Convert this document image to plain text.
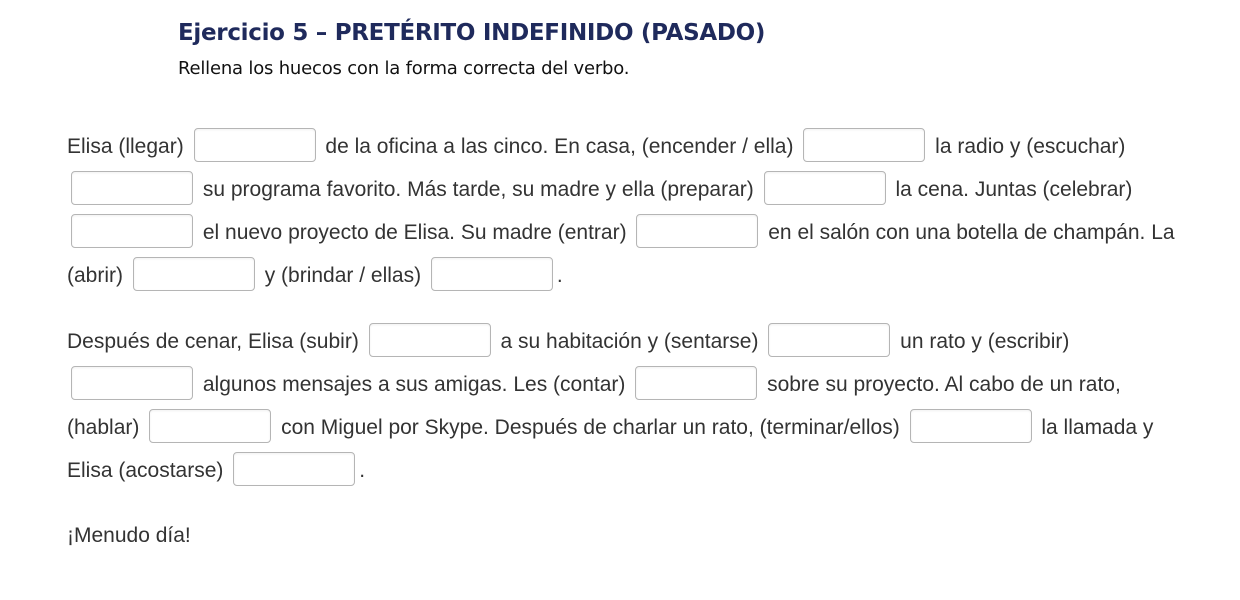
Ejercicio 5 – PRETÉRITO INDEFINIDO (PASADO)
Rellena los huecos con la forma correcta del verbo.

Elisa (llegar)	de la oficina a las cinco. En casa, (encender / ella)	la radio y (escuchar)  su programa favorito. Más tarde, su madre y ella (preparar)	la cena. Juntas (celebrar)  el nuevo proyecto de Elisa. Su madre (entrar)	en el salón con una botella de champán. La (abrir)	y (brindar / ellas)	.

Después de cenar, Elisa (subir)	a su habitación y (sentarse)	un rato y (escribir)  algunos mensajes a sus amigas. Les (contar)	sobre su proyecto. Al cabo de un rato, (hablar)	con Miguel por Skype. Después de charlar un rato, (terminar/ellos)	la llamada y Elisa (acostarse)	.

¡Menudo día!
